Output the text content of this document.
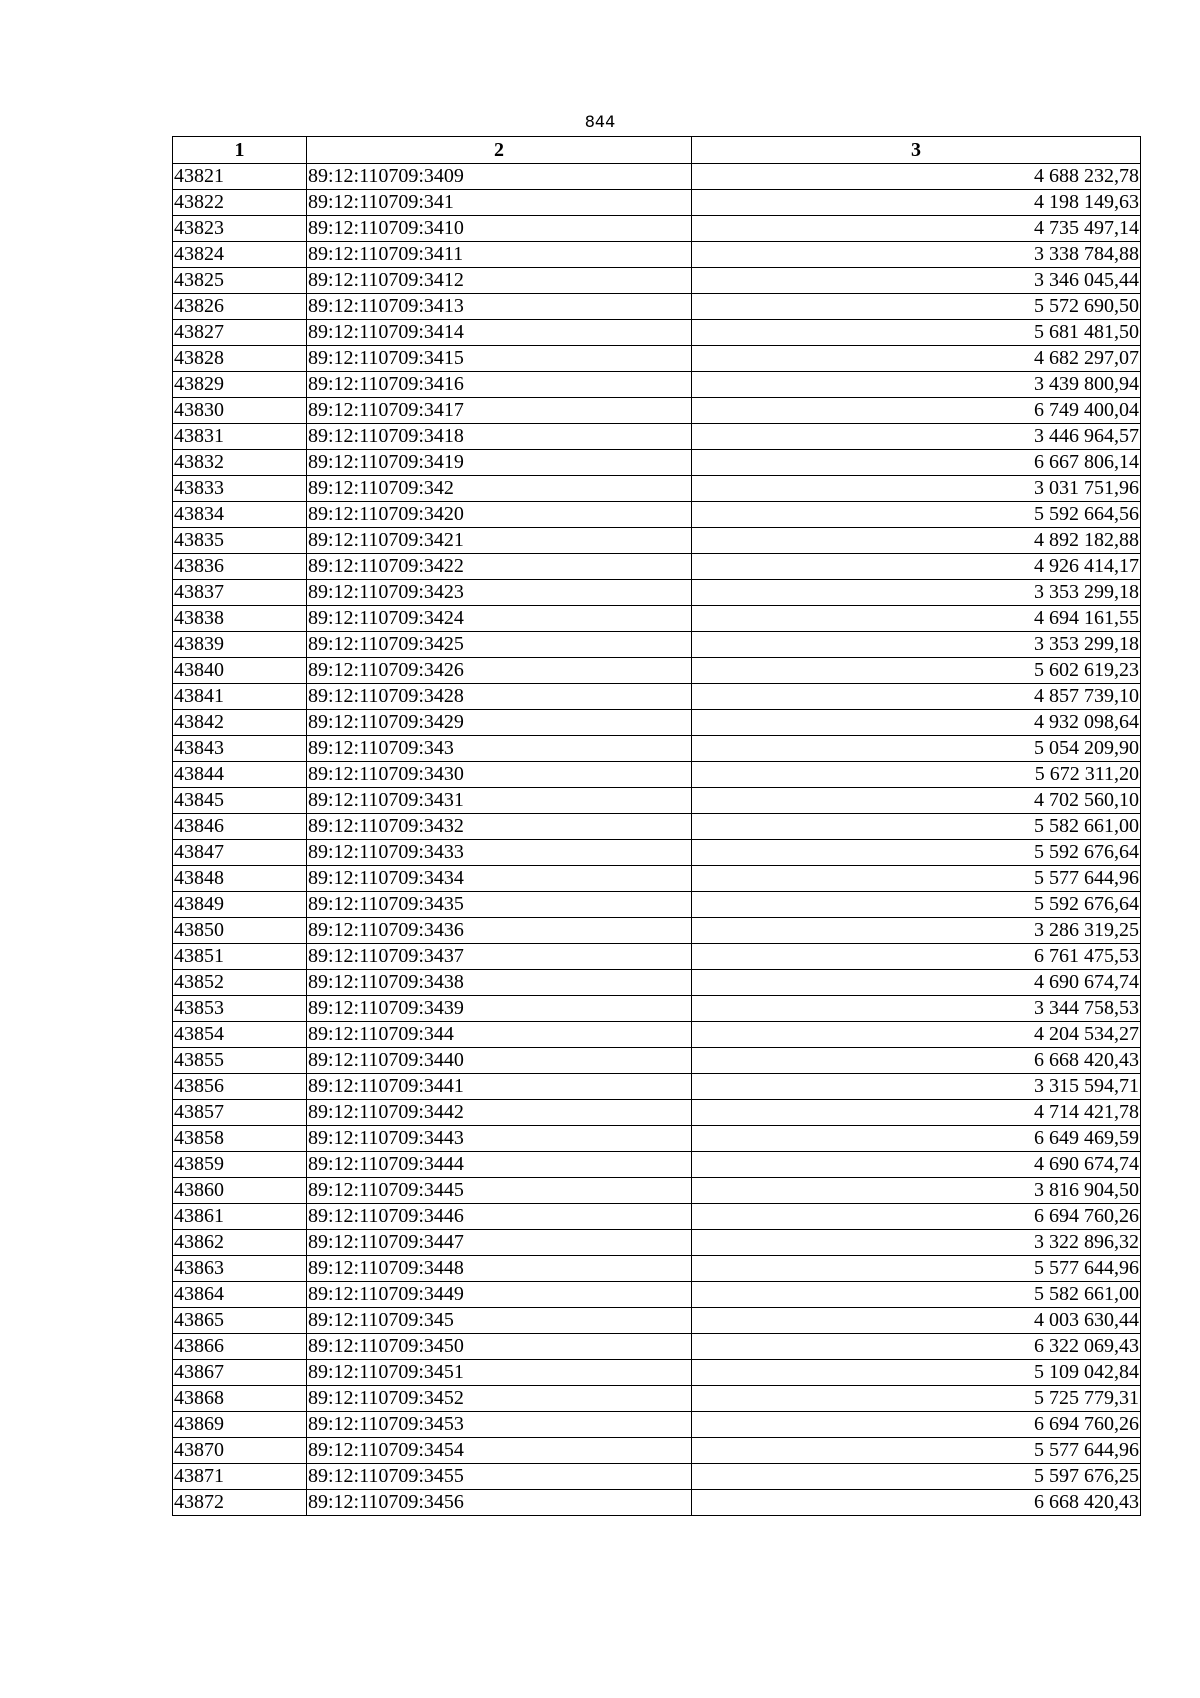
844
1	2	3
43821	89:12:110709:3409	4 688 232,78
43822	89:12:110709:341	4 198 149,63
43823	89:12:110709:3410	4 735 497,14
43824	89:12:110709:3411	3 338 784,88
43825	89:12:110709:3412	3 346 045,44
43826	89:12:110709:3413	5 572 690,50
43827	89:12:110709:3414	5 681 481,50
43828	89:12:110709:3415	4 682 297,07
43829	89:12:110709:3416	3 439 800,94
43830	89:12:110709:3417	6 749 400,04
43831	89:12:110709:3418	3 446 964,57
43832	89:12:110709:3419	6 667 806,14
43833	89:12:110709:342	3 031 751,96
43834	89:12:110709:3420	5 592 664,56
43835	89:12:110709:3421	4 892 182,88
43836	89:12:110709:3422	4 926 414,17
43837	89:12:110709:3423	3 353 299,18
43838	89:12:110709:3424	4 694 161,55
43839	89:12:110709:3425	3 353 299,18
43840	89:12:110709:3426	5 602 619,23
43841	89:12:110709:3428	4 857 739,10
43842	89:12:110709:3429	4 932 098,64
43843	89:12:110709:343	5 054 209,90
43844	89:12:110709:3430	5 672 311,20
43845	89:12:110709:3431	4 702 560,10
43846	89:12:110709:3432	5 582 661,00
43847	89:12:110709:3433	5 592 676,64
43848	89:12:110709:3434	5 577 644,96
43849	89:12:110709:3435	5 592 676,64
43850	89:12:110709:3436	3 286 319,25
43851	89:12:110709:3437	6 761 475,53
43852	89:12:110709:3438	4 690 674,74
43853	89:12:110709:3439	3 344 758,53
43854	89:12:110709:344	4 204 534,27
43855	89:12:110709:3440	6 668 420,43
43856	89:12:110709:3441	3 315 594,71
43857	89:12:110709:3442	4 714 421,78
43858	89:12:110709:3443	6 649 469,59
43859	89:12:110709:3444	4 690 674,74
43860	89:12:110709:3445	3 816 904,50
43861	89:12:110709:3446	6 694 760,26
43862	89:12:110709:3447	3 322 896,32
43863	89:12:110709:3448	5 577 644,96
43864	89:12:110709:3449	5 582 661,00
43865	89:12:110709:345	4 003 630,44
43866	89:12:110709:3450	6 322 069,43
43867	89:12:110709:3451	5 109 042,84
43868	89:12:110709:3452	5 725 779,31
43869	89:12:110709:3453	6 694 760,26
43870	89:12:110709:3454	5 577 644,96
43871	89:12:110709:3455	5 597 676,25
43872	89:12:110709:3456	6 668 420,43
